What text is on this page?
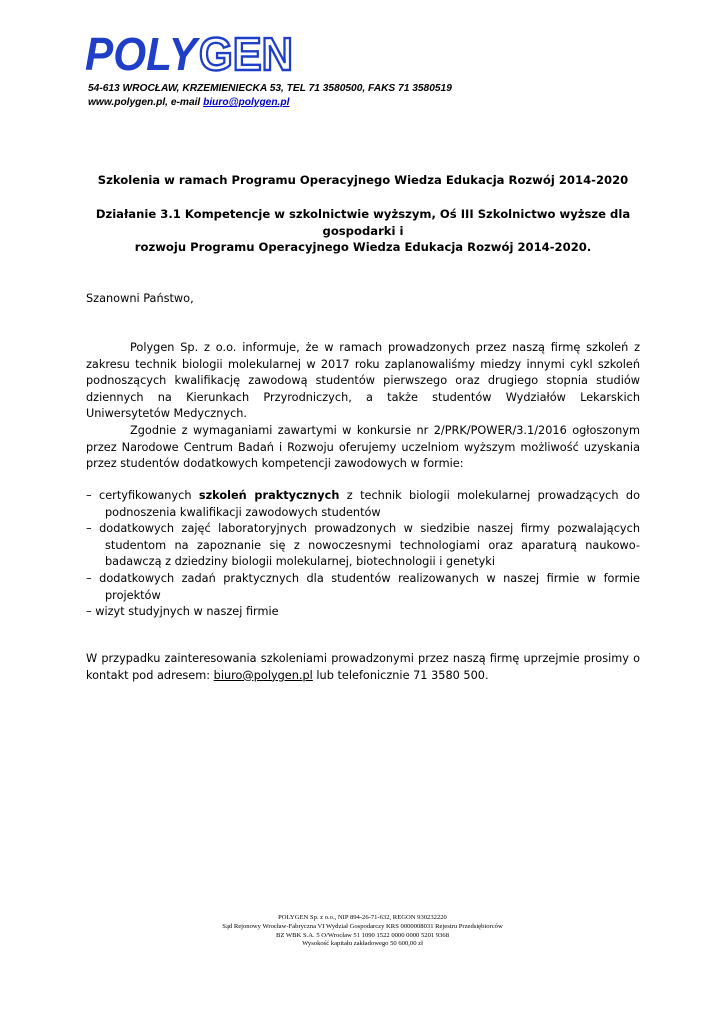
POLY
GEN
54-613 WROCŁAW, KRZEMIENIECKA 53, TEL 71 3580500, FAKS 71 3580519
www.polygen.pl, e-mail biuro@polygen.pl
Szkolenia w ramach Programu Operacyjnego Wiedza Edukacja Rozwój 2014-2020
Działanie 3.1 Kompetencje w szkolnictwie wyższym, Oś III Szkolnictwo wyższe dla gospodarki i
rozwoju Programu Operacyjnego Wiedza Edukacja Rozwój 2014-2020.
Szanowni Państwo,
Polygen Sp. z o.o. informuje, że w ramach prowadzonych przez naszą firmę szkoleń z zakresu technik biologii molekularnej w 2017 roku zaplanowaliśmy miedzy innymi cykl szkoleń podnoszących kwalifikację zawodową studentów pierwszego oraz drugiego stopnia studiów dziennych na Kierunkach Przyrodniczych, a także studentów Wydziałów Lekarskich Uniwersytetów Medycznych.
Zgodnie z wymaganiami zawartymi w konkursie nr 2/PRK/POWER/3.1/2016 ogłoszonym przez Narodowe Centrum Badań i Rozwoju oferujemy uczelniom wyższym możliwość uzyskania przez studentów dodatkowych kompetencji zawodowych w formie:
– certyfikowanych szkoleń praktycznych z technik biologii molekularnej prowadzących do
podnoszenia kwalifikacji zawodowych studentów
– dodatkowych zajęć laboratoryjnych prowadzonych w siedzibie naszej firmy pozwalających
studentom na zapoznanie się z nowoczesnymi technologiami oraz aparaturą naukowo-
badawczą z dziedziny biologii molekularnej, biotechnologii i genetyki
– dodatkowych zadań praktycznych dla studentów realizowanych w naszej firmie w formie
projektów
– wizyt studyjnych w naszej firmie
W przypadku zainteresowania szkoleniami prowadzonymi przez naszą firmę uprzejmie prosimy o kontakt pod adresem: biuro@polygen.pl lub telefonicznie 71 3580 500.
POLYGEN Sp. z o.o., NIP 894-26-71-632, REGON 930232220
Sąd Rejonowy Wrocław-Fabryczna VI Wydział Gospodarczy KRS 0000008031 Rejestru Przedsiębiorców
BZ WBK S.A. 5 O/Wrocław 51 1090 1522 0000 0000 5201 9368
Wysokość kapitału zakładowego 50 600,00 zł
